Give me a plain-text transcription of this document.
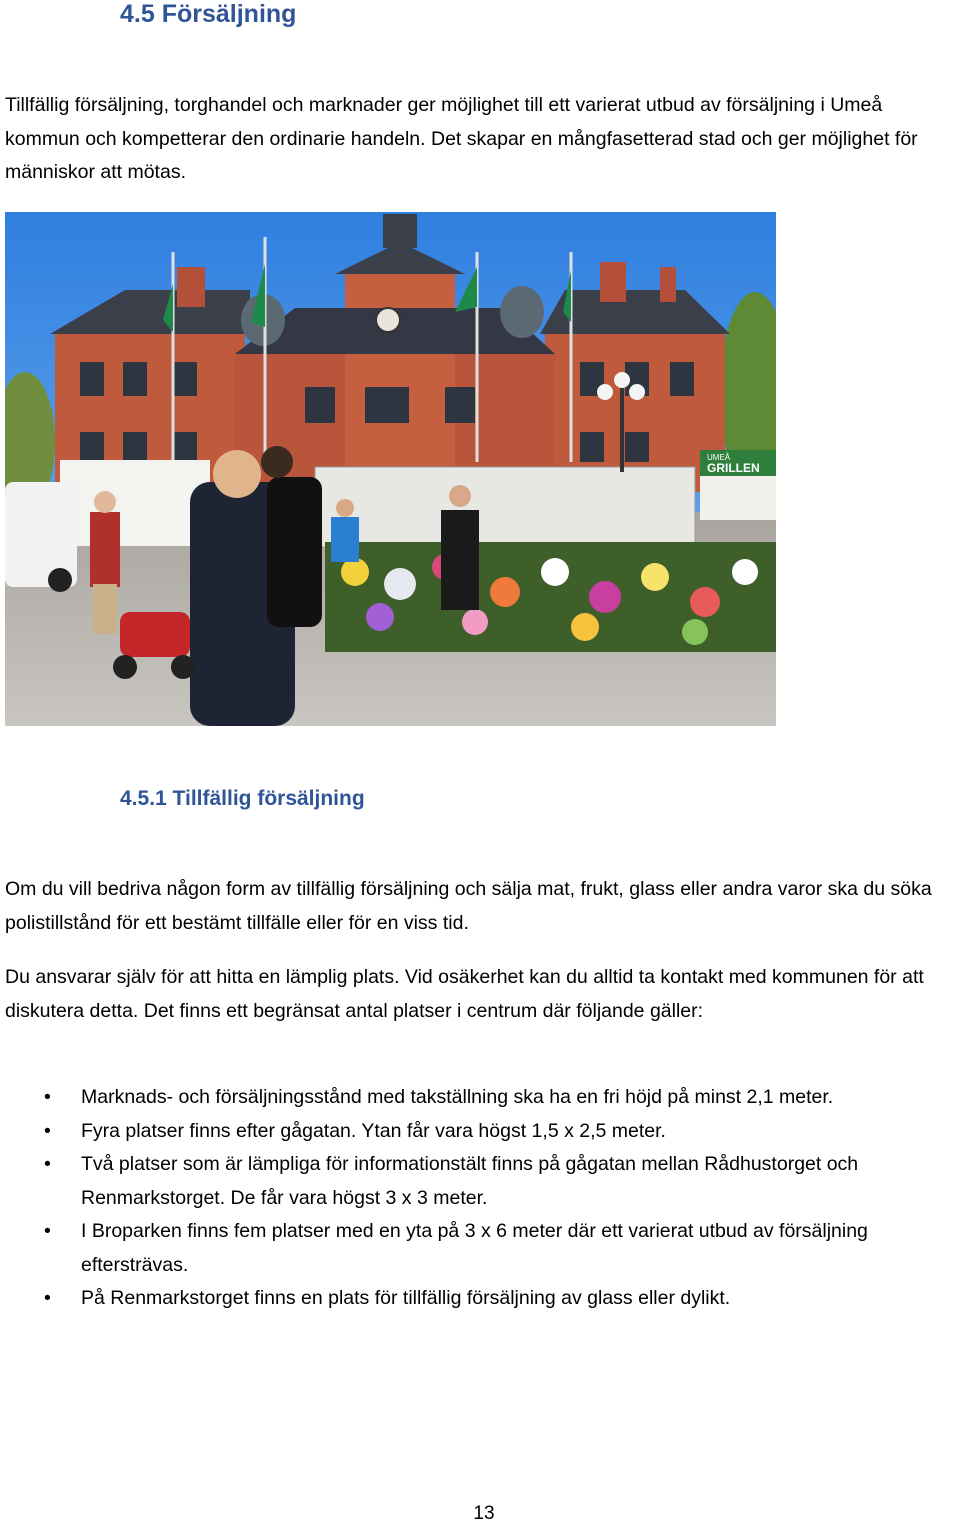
4.5 Försäljning

Tillfällig försäljning, torghandel och marknader ger möjlighet till ett varierat utbud av försäljning i Umeå kommun och kompetterar den ordinarie handeln. Det skapar en mångfasetterad stad och ger möjlighet för människor att mötas.

UMEÅ
GRILLEN
4.5.1 Tillfällig försäljning

Om du vill bedriva någon form av tillfällig försäljning och sälja mat, frukt, glass eller andra varor ska du söka polistillstånd för ett bestämt tillfälle eller för en viss tid.

Du ansvarar själv för att hitta en lämplig plats. Vid osäkerhet kan du alltid ta kontakt med kommunen för att diskutera detta. Det finns ett begränsat antal platser i centrum där följande gäller:

• Marknads- och försäljningsstånd med takställning ska ha en fri höjd på minst 2,1 meter.
• Fyra platser finns efter gågatan. Ytan får vara högst 1,5 x 2,5 meter.
• Två platser som är lämpliga för informationstält finns på gågatan mellan Rådhustorget och Renmarkstorget. De får vara högst 3 x 3 meter.
• I Broparken finns fem platser med en yta på 3 x 6 meter där ett varierat utbud av försäljning eftersträvas.
• På Renmarkstorget finns en plats för tillfällig försäljning av glass eller dylikt.
13
